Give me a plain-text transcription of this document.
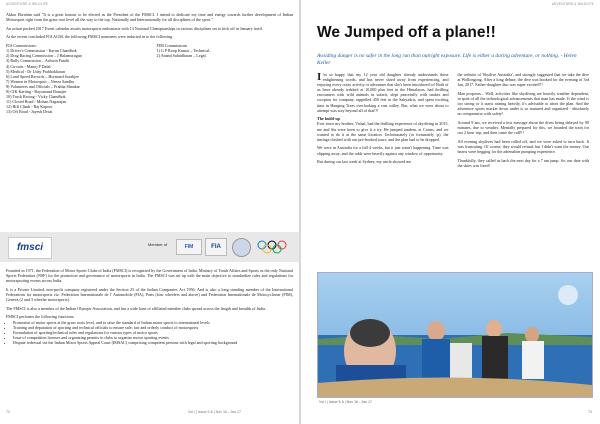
ADVENTURE & WILDLIFE

Akbar Ebrahim said "It is a great honour to be elected as the President of the FMSCI. I intend to dedicate my time and energy towards further development of Indian Motorsport right from the grass root level all the way to the top. Nationally and Internationally for all disciplines of the sport."

An action packed 2017 Event calendar awaits motorsports enthusiasts with 13 National Championships in various disciplines set to kick off in January itself.

At the recent concluded FIA AGM, the following FMSCI nominees were inducted in to the following

FIA Commissions:
1) Driver's Commission - Karun Chandhok
2) Drag Racing Commission – J Balamurugan
3) Rally Commission – Ashwin Pandit
4) Circuits - Manoj P Dalal
5) Medical - Dr Uday Prabhakharan
6) Land Speed Records – Hormazd Sorabjee
7) Women in Motorsport – Neeza Sandhu
8) Volunteers and Officials – Prabha Shankar
9) CIK Karting - Rayomand Banajee
10) Truck Racing - Vicky Chandhok
11) Closed Road - Mohan Nagarajan
12) Hill Climb - Raj Kapoor
13) Off Road - Jayesh Desai
FIM Commissions
1) G P Roop Kumar – Technical .
2) Anand Sahiidharan – Legal.
fmsci	Member of	FIM	FIA

Founded in 1971, the Federation of Motor Sports Clubs of India (FMSCI) is recognized by the Government of India, Ministry of Youth Affairs and Sports as the only National Sports Federation (NSF) for the promotion and governance of motorsports in India. The FMSCI was set up with the main objective to standardize rules and regulations for motorsporting events across India.

It is a Private Limited, non-profit company registered under the Section 25 of the Indian Companies Act 1956. And is also a long standing member of the International Federations for motorsports viz. Federation Internationale de l' Automobile (FIA), Paris (four wheelers and above) and Federation Internationale de Motocyclisme (FIM), Geneva (2 and 3 wheeler motorsports).

The FMSCI is also a member of the Indian Olympic Association, and has a wide base of affiliated member clubs spread across the length and breadth of India.

FMSCI performs the following functions:
• Promotion of motor sports at the grass roots level, and to raise the standard of Indian motor sports to international levels
• Training and deputation of sporting and technical officials to ensure safe, fair and orderly conduct of motorsports
• Formulation of sporting/technical rules and regulations for various types of motor sports
• Issue of competition licenses and organizing permits to clubs to organize motor sporting events
• Dispute redressal via the Indian Motor Sports Appeal Court (IMSAC) comprising competent persons with legal and sporting background
72	Vol I | Issue 5-6 | Nov 16 - Jan 17
ADVENTURE & WILDLIFE
We Jumped off a plane!!

Avoiding danger is no safer in the long run than outright exposure. Life is either a daring adventure, or nothing. - Helen Keller

I 'm so happy that my 12 year old daughter already understands these enlightening words, and has never shied away from experiencing, and enjoying every crazy activity or adventure that she's been introduced to! Both of us have already trekked at 10,000 plus feet in the Himalayas, had thrilling encounters with wild animals in safaris, slept peacefully with snakes and scorpion for company, rappelled 450 feet in the Sahyadris, and spent exciting time in Hanging Trees overlooking a vast valley. But, what we were about to attempt was way beyond all of that!!!

The build-up

Ever since my brother, Vishal, had the thrilling experience of skydiving in 2015, me and Sia were keen to give it a try. He jumped tandem, at Cairns, and we wanted to do it at the same location. Unfortunately (or fortunately :p), the timings clashed with our pre-booked tours, and the plan had to be dropped.

We were in Australia for a full 4 weeks, but it just wasn't happening. Time was slipping away, and the odds were heavily against any window of opportunity.

But during our last week at Sydney, my uncle showed me

the website of 'Skydive Australia', and strongly suggested that we take the dive at Wollongong. After a long debate, the dive was booked for the evening of 3rd Jan, 2017. Father-daughter duo was super excited!!!

Man proposes... Well, activities like skydiving are heavily weather dependent, in spite of all the technological advancements that man has made. If the wind is too strong or it starts raining heavily, it's advisable to abort the plan. And the adventure sports market down under is so matured and organized - absolutely no compromise with safety!

Around 9 am, we received a text message about the dives being delayed by 90 minutes, due to weather. Mentally prepared for this, we boarded the train for our 2 hour trip, and then came the call!!!

All evening skydives had been called off, and we were asked to turn back. It was frustrating. Of course, they would refund, but I didn't want the money. Our hearts were begging for the adrenaline pumping experience.

Thankfully, they called us back the next day for a 7 am jump. So, our date with the skies was fixed!

Vol I | Issue 5-6 | Nov 16 - Jan 17
73
